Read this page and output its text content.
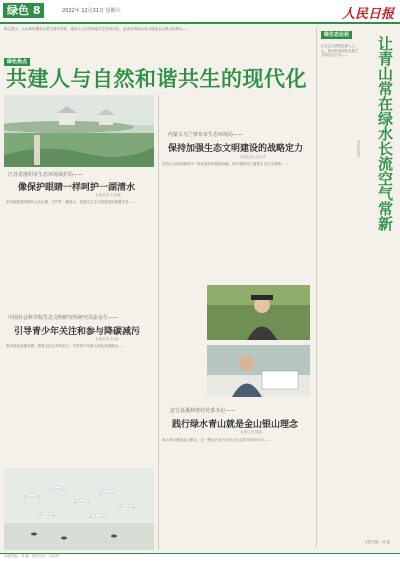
绿色 8	2022年 12月31日 星期六	人民日报
核心提示：山水林田湖草沙是生命共同体，建设人与自然和谐共生的现代化，必须坚持绿水青山就是金山银山的理念……
绿色焦点
共建人与自然和谐共生的现代化
江苏省淮阴市生态环境保护局——
像保护眼睛一样呵护一湖清水
本报记者 王伟健
洪泽湖是我国第四大淡水湖，守护好一湖清水，是淮安生态文明建设的重要任务……
中国社会科学院生态文明研究所研究员张永生——
引导青少年关注和参与降碳减污
本报记者 刘 毅
推动绿色低碳发展，需要全社会共同参与，引导青少年树立绿色发展理念……
内蒙古乌兰察布市生态环境局——
保持加强生态文明建设的战略定力
本报记者 寇江泽
坚持山水林田湖草沙一体化保护和系统治理，筑牢我国北方重要生态安全屏障……
安吉县溪林坡村党委书记——
践行绿水青山就是金山银山理念
本报记者 顾春
绿水青山就是金山银山，这一理念已成为全党全社会的共识和行动……
绿生态论苑
让生态文明理念深入人心，推动形成绿色发展方式和生活方式……	让青山常在绿水长流空气常新
本报评论员
本版责编：刘 毅
本版责编：刘 毅　版式设计：沈亦伶
